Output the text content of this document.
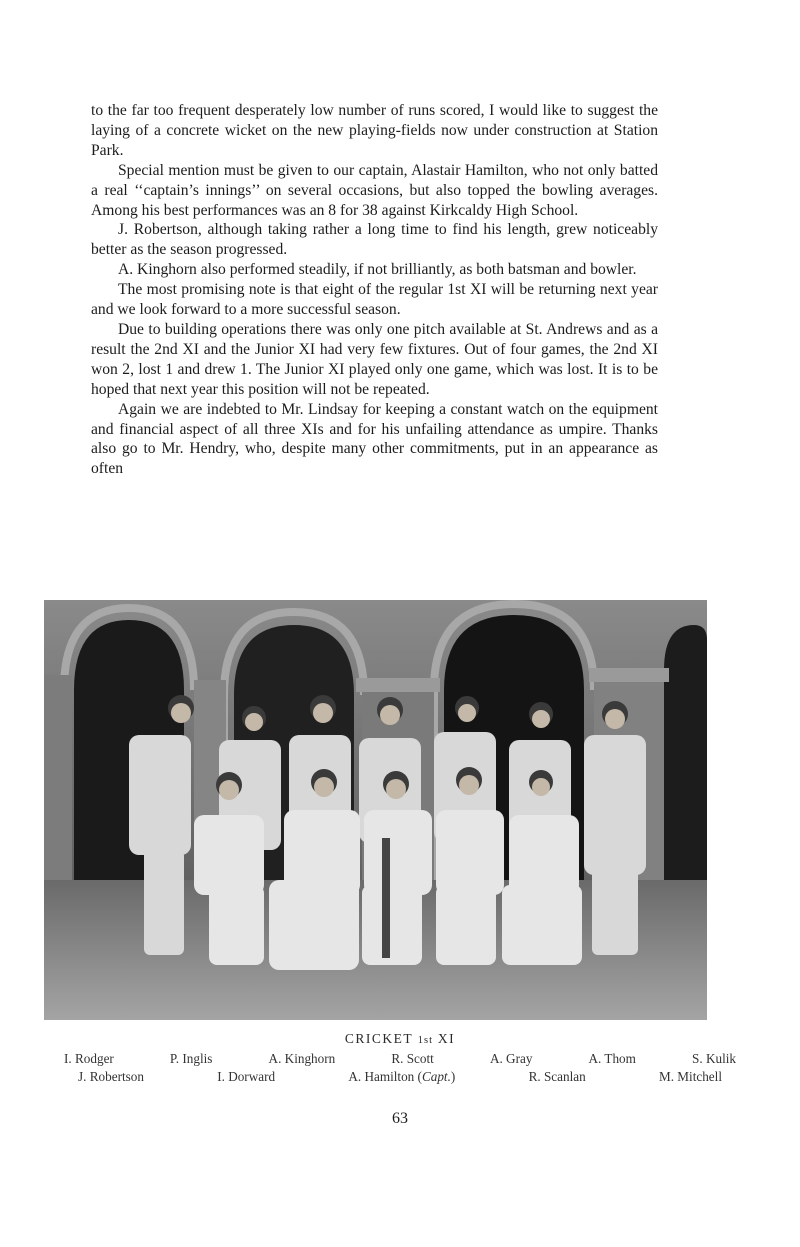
to the far too frequent desperately low number of runs scored, I would like to suggest the laying of a concrete wicket on the new playing-fields now under construction at Station Park.

Special mention must be given to our captain, Alastair Hamilton, who not only batted a real ‘‘captain’s innings’’ on several occasions, but also topped the bowling averages. Among his best performances was an 8 for 38 against Kirkcaldy High School.

J. Robertson, although taking rather a long time to find his length, grew noticeably better as the season progressed.

A. Kinghorn also performed steadily, if not brilliantly, as both batsman and bowler.

The most promising note is that eight of the regular 1st XI will be returning next year and we look forward to a more successful season.

Due to building operations there was only one pitch available at St. Andrews and as a result the 2nd XI and the Junior XI had very few fixtures. Out of four games, the 2nd XI won 2, lost 1 and drew 1. The Junior XI played only one game, which was lost. It is to be hoped that next year this position will not be repeated.

Again we are indebted to Mr. Lindsay for keeping a constant watch on the equipment and financial aspect of all three XIs and for his unfailing attendance as umpire. Thanks also go to Mr. Hendry, who, despite many other commitments, put in an appearance as often

CRICKET 1st XI
I. Rodger	P. Inglis	A. Kinghorn	R. Scott	A. Gray	A. Thom	S. Kulik
J. Robertson	I. Dorward	A. Hamilton (Capt.)	R. Scanlan	M. Mitchell
63
